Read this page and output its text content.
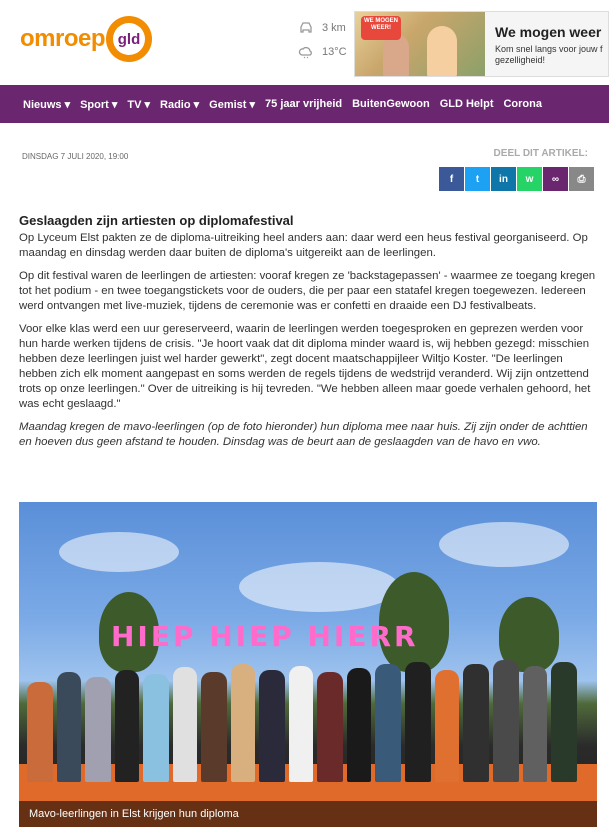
omroep gld
3 km
13°C
WE MOGEN WEER!	We mogen weer
Kom snel langs voor jouw f
gezelligheid!
Nieuws ▾ Sport ▾ TV ▾ Radio ▾ Gemist ▾ 75 jaar vrijheid BuitenGewoon GLD Helpt Corona
DINSDAG 7 JULI 2020, 19:00	DEEL DIT ARTIKEL:
f	t	in	w	∞	⎙
Geslaagden zijn artiesten op diplomafestival

Op Lyceum Elst pakten ze de diploma-uitreiking heel anders aan: daar werd een heus festival georganiseerd. Op maandag en dinsdag werden daar buiten de diploma's uitgereikt aan de leerlingen.

Op dit festival waren de leerlingen de artiesten: vooraf kregen ze 'backstagepassen' - waarmee ze toegang kregen tot het podium - en twee toegangstickets voor de ouders, die per paar een statafel kregen toegewezen. Iedereen werd ontvangen met live-muziek, tijdens de ceremonie was er confetti en draaide een DJ festivalbeats.

Voor elke klas werd een uur gereserveerd, waarin de leerlingen werden toegesproken en geprezen werden voor hun harde werken tijdens de crisis. "Je hoort vaak dat dit diploma minder waard is, wij hebben gezegd: misschien hebben deze leerlingen juist wel harder gewerkt", zegt docent maatschappijleer Wiltjo Koster. "De leerlingen hebben zich elk moment aangepast en soms werden de regels tijdens de wedstrijd veranderd. Wij zijn ontzettend trots op onze leerlingen." Over de uitreiking is hij tevreden. "We hebben alleen maar goede verhalen gehoord, het was echt geslaagd."

Maandag kregen de mavo-leerlingen (op de foto hieronder) hun diploma mee naar huis. Zij zijn onder de achttien en hoeven dus geen afstand te houden. Dinsdag was de beurt aan de geslaagden van de havo en vwo.

HIEP HIEP HIERR
Mavo-leerlingen in Elst krijgen hun diploma
